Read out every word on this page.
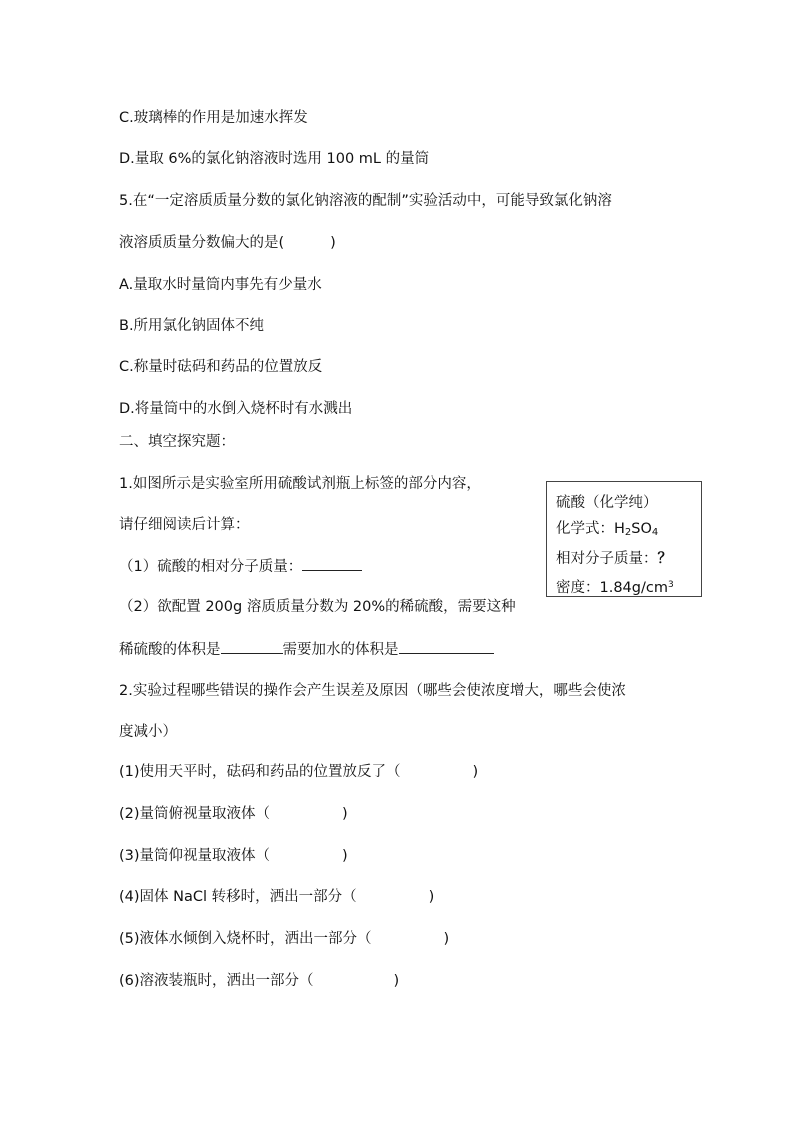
C.玻璃棒的作用是加速水挥发
D.量取 6%的氯化钠溶液时选用 100 mL 的量筒
5.在“一定溶质质量分数的氯化钠溶液的配制”实验活动中，可能导致氯化钠溶
液溶质质量分数偏大的是(	)
A.量取水时量筒内事先有少量水
B.所用氯化钠固体不纯
C.称量时砝码和药品的位置放反
D.将量筒中的水倒入烧杯时有水溅出
二、填空探究题：
1.如图所示是实验室所用硫酸试剂瓶上标签的部分内容，
请仔细阅读后计算：
（1）硫酸的相对分子质量：
（2）欲配置 200g 溶质质量分数为 20%的稀硫酸，需要这种
稀硫酸的体积是	需要加水的体积是
硫酸（化学纯）
化学式：$H_2SO_4$
相对分子质量：？
密度：$1.84g/cm^3$
2.实验过程哪些错误的操作会产生误差及原因（哪些会使浓度增大，哪些会使浓
度减小）
(1)使用天平时，砝码和药品的位置放反了（	)
(2)量筒俯视量取液体（	)
(3)量筒仰视量取液体（	)
(4)固体 NaCl 转移时，洒出一部分（	)
(5)液体水倾倒入烧杯时，洒出一部分（	)
(6)溶液装瓶时，洒出一部分（	)
